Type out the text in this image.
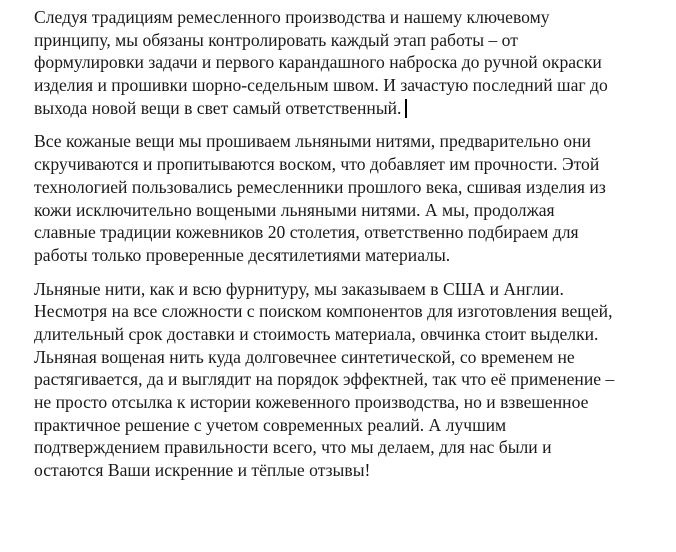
Следуя традициям ремесленного производства и нашему ключевому
принципу, мы обязаны контролировать каждый этап работы – от
формулировки задачи и первого карандашного наброска до ручной окраски
изделия и прошивки шорно-седельным швом. И зачастую последний шаг до
выхода новой вещи в свет самый ответственный.
Все кожаные вещи мы прошиваем льняными нитями, предварительно они
скручиваются и пропитываются воском, что добавляет им прочности. Этой
технологией пользовались ремесленники прошлого века, сшивая изделия из
кожи исключительно вощеными льняными нитями. А мы, продолжая
славные традиции кожевников 20 столетия, ответственно подбираем для
работы только проверенные десятилетиями материалы.
Льняные нити, как и всю фурнитуру, мы заказываем в США и Англии.
Несмотря на все сложности с поиском компонентов для изготовления вещей,
длительный срок доставки и стоимость материала, овчинка стоит выделки.
Льняная вощеная нить куда долговечнее синтетической, со временем не
растягивается, да и выглядит на порядок эффектней, так что её применение –
не просто отсылка к истории кожевенного производства, но и взвешенное
практичное решение с учетом современных реалий. А лучшим
подтверждением правильности всего, что мы делаем, для нас были и
остаются Ваши искренние и тёплые отзывы!
